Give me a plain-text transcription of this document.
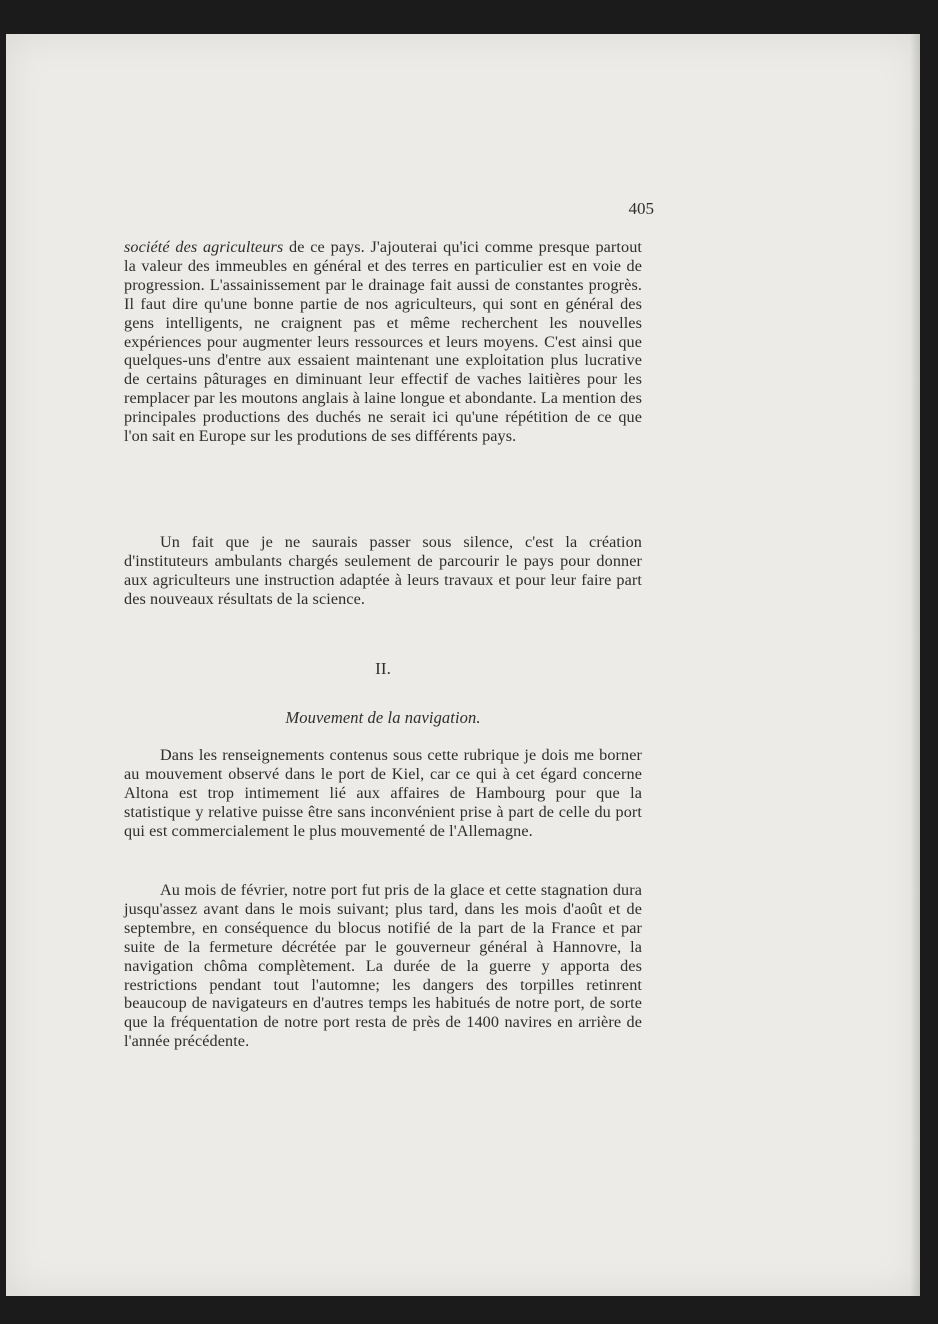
405

société des agriculteurs de ce pays. J'ajouterai qu'ici comme presque partout la valeur des immeubles en général et des terres en particulier est en voie de progression. L'assainissement par le drainage fait aussi de constantes progrès. Il faut dire qu'une bonne partie de nos agriculteurs, qui sont en général des gens intelligents, ne craignent pas et même recherchent les nouvelles expériences pour augmenter leurs ressources et leurs moyens. C'est ainsi que quelques-uns d'entre aux essaient maintenant une exploitation plus lucrative de certains pâturages en diminuant leur effectif de vaches laitières pour les remplacer par les moutons anglais à laine longue et abondante. La mention des principales productions des duchés ne serait ici qu'une répétition de ce que l'on sait en Europe sur les produtions de ses différents pays.

Un fait que je ne saurais passer sous silence, c'est la création d'instituteurs ambulants chargés seulement de parcourir le pays pour donner aux agriculteurs une instruction adaptée à leurs travaux et pour leur faire part des nouveaux résultats de la science.

II.
Mouvement de la navigation.

Dans les renseignements contenus sous cette rubrique je dois me borner au mouvement observé dans le port de Kiel, car ce qui à cet égard concerne Altona est trop intimement lié aux affaires de Hambourg pour que la statistique y relative puisse être sans inconvénient prise à part de celle du port qui est commercialement le plus mouvementé de l'Allemagne.

Au mois de février, notre port fut pris de la glace et cette stagnation dura jusqu'assez avant dans le mois suivant; plus tard, dans les mois d'août et de septembre, en conséquence du blocus notifié de la part de la France et par suite de la fermeture décrétée par le gouverneur général à Hannovre, la navigation chôma complètement. La durée de la guerre y apporta des restrictions pendant tout l'automne; les dangers des torpilles retinrent beaucoup de navigateurs en d'autres temps les habitués de notre port, de sorte que la fréquentation de notre port resta de près de 1400 navires en arrière de l'année précédente.
